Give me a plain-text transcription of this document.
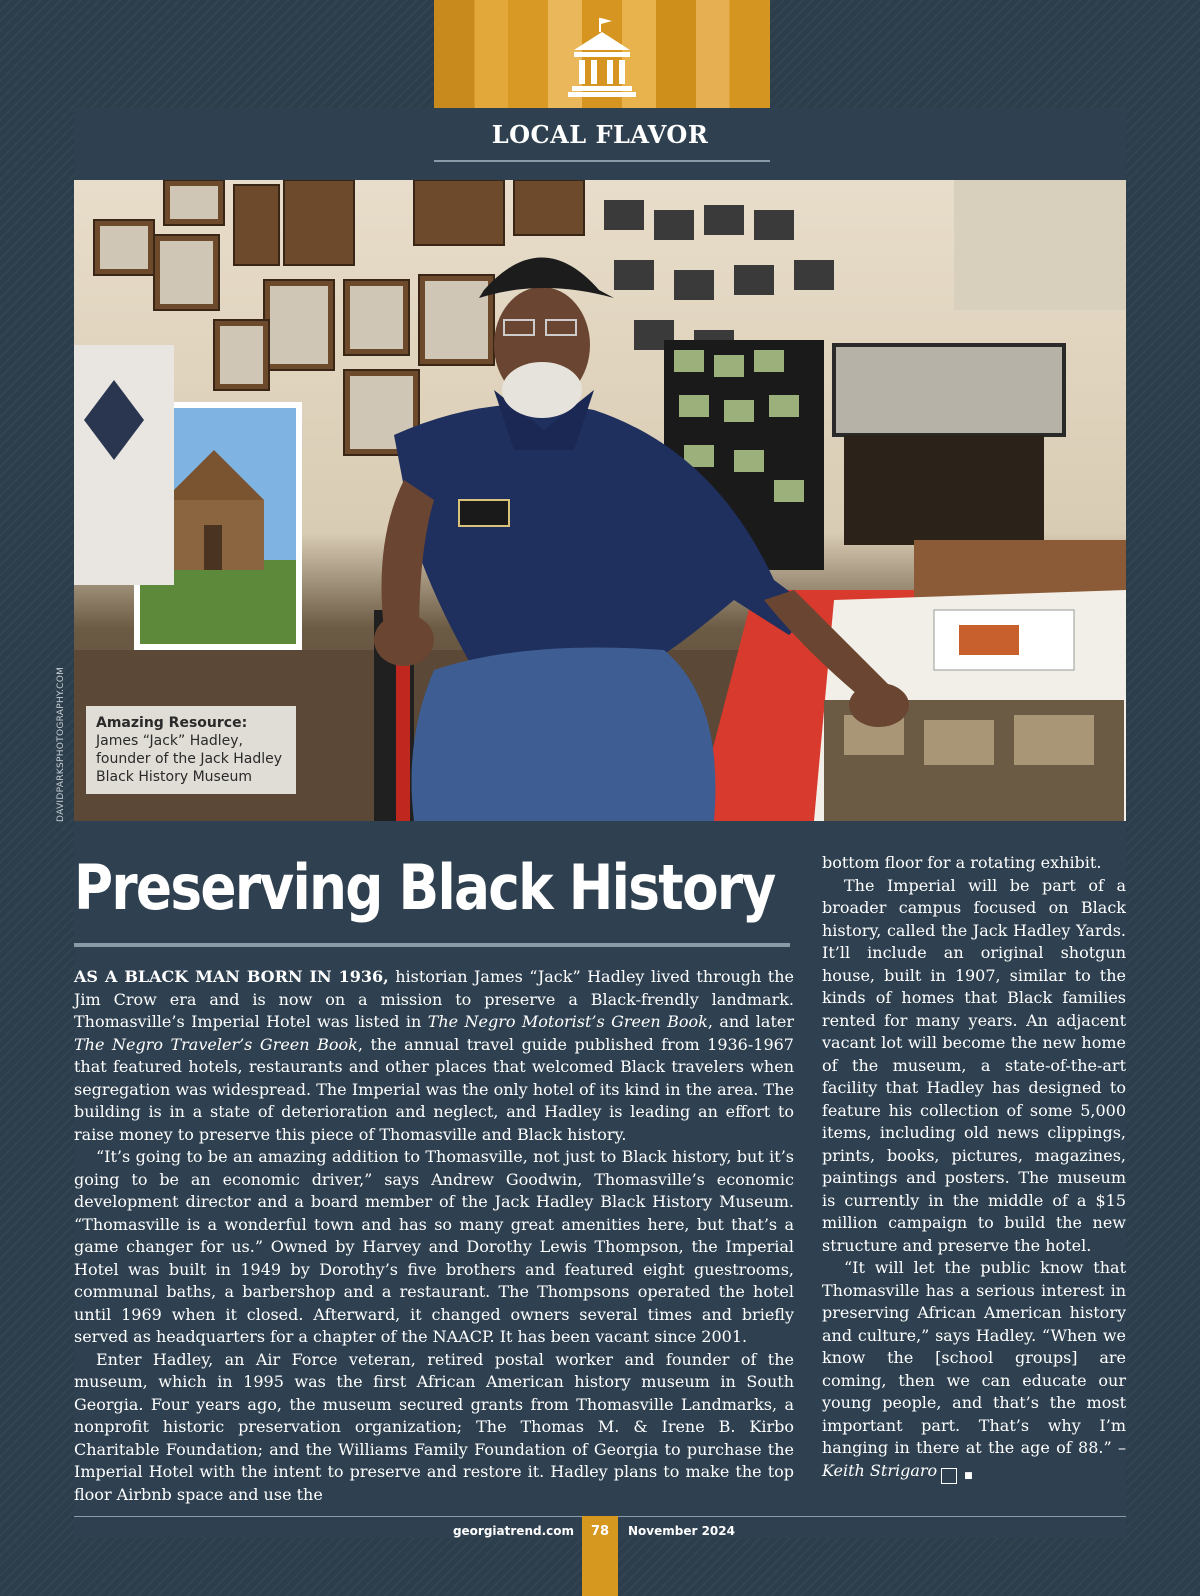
LOCAL FLAVOR
DAVIDPARKSPHOTOGRAPHY.COM Amazing Resource:
James “Jack” Hadley, founder of the Jack Hadley Black History Museum
Preserving Black History

AS A BLACK MAN BORN IN 1936, historian James “Jack” Hadley lived through the Jim Crow era and is now on a mission to preserve a Black-frendly landmark. Thomasville’s Imperial Hotel was listed in The Negro Motorist’s Green Book, and later The Negro Traveler’s Green Book, the annual travel guide published from 1936-1967 that featured hotels, restaurants and other places that welcomed Black travelers when segregation was widespread. The Imperial was the only hotel of its kind in the area. The building is in a state of deterioration and neglect, and Hadley is leading an effort to raise money to preserve this piece of Thomasville and Black history.

“It’s going to be an amazing addition to Thomasville, not just to Black history, but it’s going to be an economic driver,” says Andrew Goodwin, Thomasville’s economic development director and a board member of the Jack Hadley Black History Museum. “Thomasville is a wonderful town and has so many great amenities here, but that’s a game changer for us.” Owned by Harvey and Dorothy Lewis Thompson, the Imperial Hotel was built in 1949 by Dorothy’s five brothers and featured eight guestrooms, communal baths, a barbershop and a restaurant. The Thompsons operated the hotel until 1969 when it closed. Afterward, it changed owners several times and briefly served as headquarters for a chapter of the NAACP. It has been vacant since 2001.

Enter Hadley, an Air Force veteran, retired postal worker and founder of the museum, which in 1995 was the first African American history museum in South Georgia. Four years ago, the museum secured grants from Thomasville Landmarks, a nonprofit historic preservation organization; The Thomas M. & Irene B. Kirbo Charitable Foundation; and the Williams Family Foundation of Georgia to purchase the Imperial Hotel with the intent to preserve and restore it. Hadley plans to make the top floor Airbnb space and use the

bottom floor for a rotating exhibit.

The Imperial will be part of a broader campus focused on Black history, called the Jack Hadley Yards. It’ll include an original shotgun house, built in 1907, similar to the kinds of homes that Black families rented for many years. An adjacent vacant lot will become the new home of the museum, a state-of-the-art facility that Hadley has designed to feature his collection of some 5,000 items, including old news clippings, prints, books, pictures, magazines, paintings and posters. The museum is currently in the middle of a $15 million campaign to build the new structure and preserve the hotel.

“It will let the public know that Thomasville has a serious interest in preserving African American history and culture,” says Hadley. “When we know the [school groups] are coming, then we can educate our young people, and that’s the most important part. That’s why I’m hanging in there at the age of 88.” – Keith Strigaro	■

georgiatrend.com	78	November 2024
